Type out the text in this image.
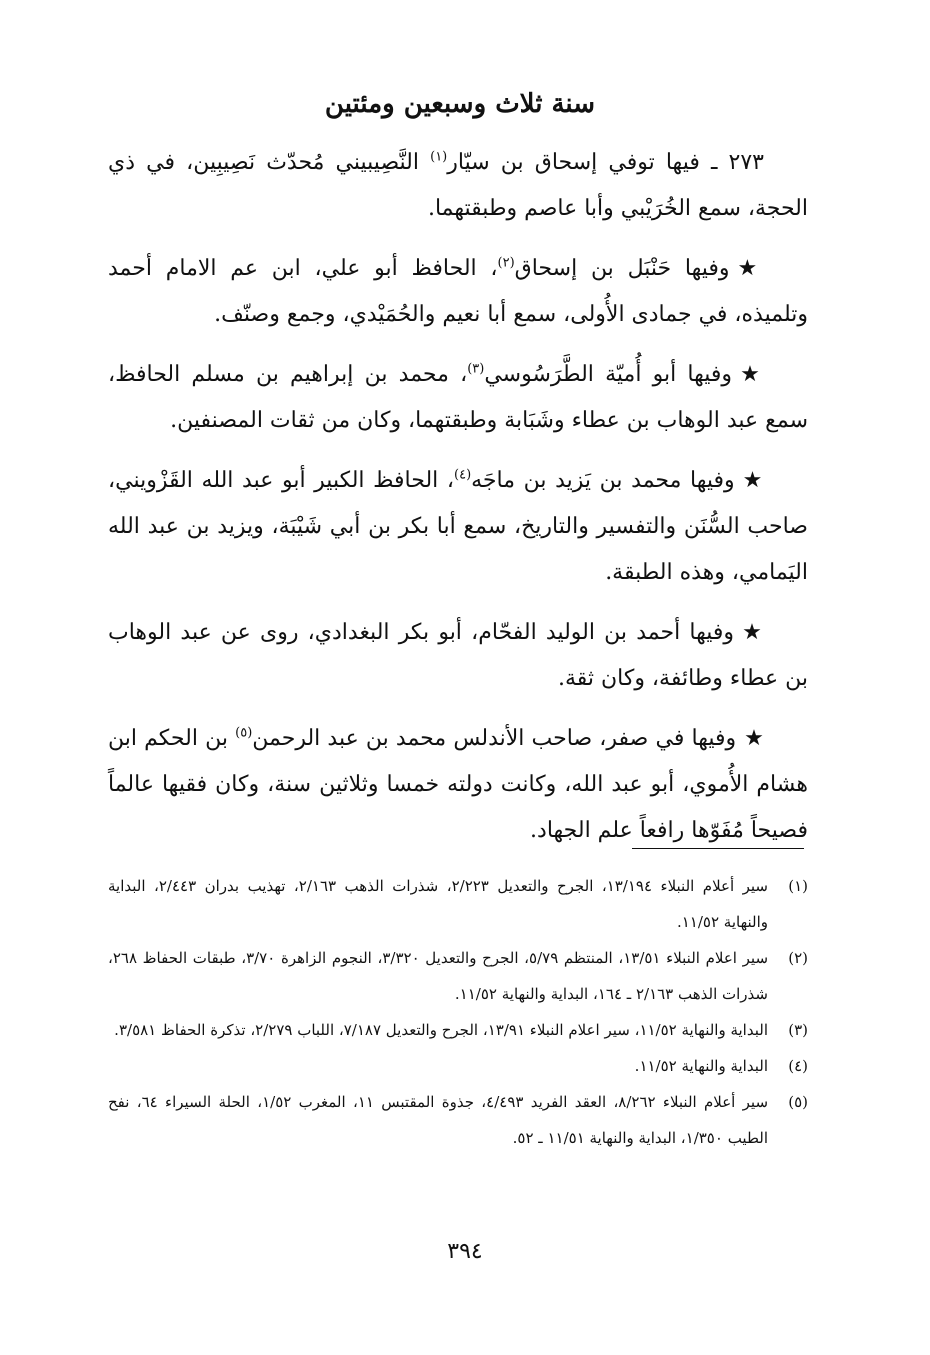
سنة ثلاث وسبعين ومئتين

٢٧٣ ـ فيها توفي إسحاق بن سيّار$^{(١)}$ النَّصِيبيني مُحدّث نَصِيبِين، في ذي الحجة، سمع الخُرَيْبي وأبا عاصم وطبقتهما.

★وفيها حَنْبَل بن إسحاق$^{(٢)}$، الحافظ أبو علي، ابن عم الامام أحمد وتلميذه، في جمادى الأُولى، سمع أبا نعيم والحُمَيْدي، وجمع وصنّف.

★وفيها أبو أُميّة الطَّرَسُوسي$^{(٣)}$، محمد بن إبراهيم بن مسلم الحافظ، سمع عبد الوهاب بن عطاء وشَبَابة وطبقتهما، وكان من ثقات المصنفين.

★وفيها محمد بن يَزيد بن ماجَه$^{(٤)}$، الحافظ الكبير أبو عبد الله القَزْويني، صاحب السُّنَن والتفسير والتاريخ، سمع أبا بكر بن أبي شَيْبَة، ويزيد بن عبد الله اليَمامي، وهذه الطبقة.

★وفيها أحمد بن الوليد الفحّام، أبو بكر البغدادي، روى عن عبد الوهاب بن عطاء وطائفة، وكان ثقة.

★وفيها في صفر، صاحب الأندلس محمد بن عبد الرحمن$^{(٥)}$ بن الحكم ابن هشام الأُموي، أبو عبد الله، وكانت دولته خمسا وثلاثين سنة، وكان فقيها عالماً فصيحاً مُفَوّها رافعاً علم الجهاد.

(١)
سير أعلام النبلاء ١٣/١٩٤، الجرح والتعديل ٢/٢٢٣، شذرات الذهب ٢/١٦٣، تهذيب بدران ٢/٤٤٣، البداية والنهاية ١١/٥٢.

(٢)
سير اعلام النبلاء ١٣/٥١، المنتظم ٥/٧٩، الجرح والتعديل ٣/٣٢٠، النجوم الزاهرة ٣/٧٠، طبقات الحفاظ ٢٦٨، شذرات الذهب ٢/١٦٣ ـ ١٦٤، البداية والنهاية ١١/٥٢.

(٣)
البداية والنهاية ١١/٥٢، سير اعلام النبلاء ١٣/٩١، الجرح والتعديل ٧/١٨٧، اللباب ٢/٢٧٩، تذكرة الحفاظ ٣/٥٨١.

(٤)
البداية والنهاية ١١/٥٢.

(٥)
سير أعلام النبلاء ٨/٢٦٢، العقد الفريد ٤/٤٩٣، جذوة المقتبس ١١، المغرب ١/٥٢، الحلة السيراء ٦٤، نفح الطيب ١/٣٥٠، البداية والنهاية ١١/٥١ ـ ٥٢.

٣٩٤
